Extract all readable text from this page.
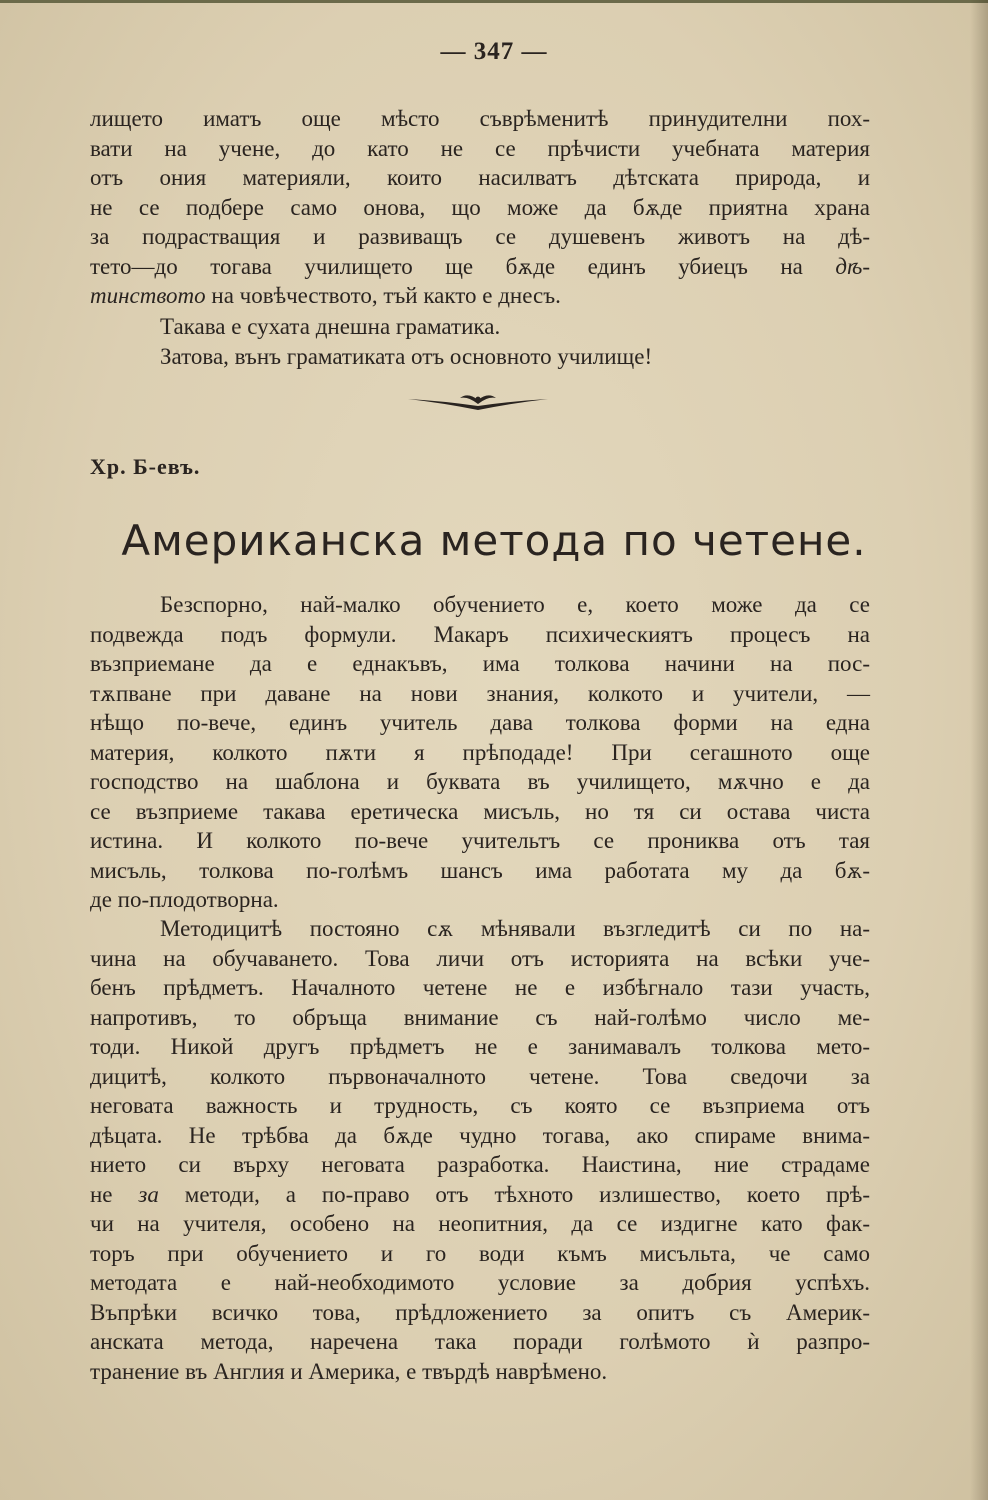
— 347 —
лището иматъ още мѣсто съврѣменитѣ принудителни пох-
вати на учене, до като не се прѣчисти учебната материя
отъ ония материяли, които насилватъ дѣтската природа, и
не се подбере само онова, що може да бѫде приятна храна
за подрастващия и развиващъ се душевенъ животъ на дѣ-
тето—до тогава училището ще бѫде единъ убиецъ на дѣ-
тинството на човѣчеството, тъй както е днесъ.
Такава е сухата днешна граматика.
Затова, вънъ граматиката отъ основното училище!
Хр. Б-евъ.
Американска метода по четене.
Безспорно, най-малко обучението е, което може да се
подвежда подъ формули. Макаръ психическиятъ процесъ на
възприемане да е еднакъвъ, има толкова начини на пос-
тѫпване при даване на нови знания, колкото и учители, —
нѣщо по-вече, единъ учитель дава толкова форми на една
материя, колкото пѫти я прѣподаде! При сегашното още
господство на шаблона и буквата въ училището, мѫчно е да
се възприеме такава еретическа мисъль, но тя си остава чиста
истина. И колкото по-вече учительтъ се прониква отъ тая
мисъль, толкова по-голѣмъ шансъ има работата му да бѫ-
де по-плодотворна.
Методицитѣ постояно сѫ мѣнявали възгледитѣ си по на-
чина на обучаването. Това личи отъ историята на всѣки уче-
бенъ прѣдметъ. Началното четене не е избѣгнало тази участь,
напротивъ, то обръща внимание съ най-голѣмо число ме-
тоди. Никой другъ прѣдметъ не е занимавалъ толкова мето-
дицитѣ, колкото първоначалното четене. Това сведочи за
неговата важность и трудность, съ която се възприема отъ
дѣцата. Не трѣбва да бѫде чудно тогава, ако спираме внима-
нието си върху неговата разработка. Наистина, ние страдаме
не за методи, а по-право отъ тѣхното излишество, което прѣ-
чи на учителя, особено на неопитния, да се издигне като фак-
торъ при обучението и го води къмъ мисъльта, че само
методата е най-необходимото условие за добрия успѣхъ.
Въпрѣки всичко това, прѣдложението за опитъ съ Америк-
анската метода, наречена така поради голѣмото ѝ разпро-
транение въ Англия и Америка, е твърдѣ наврѣмено.
